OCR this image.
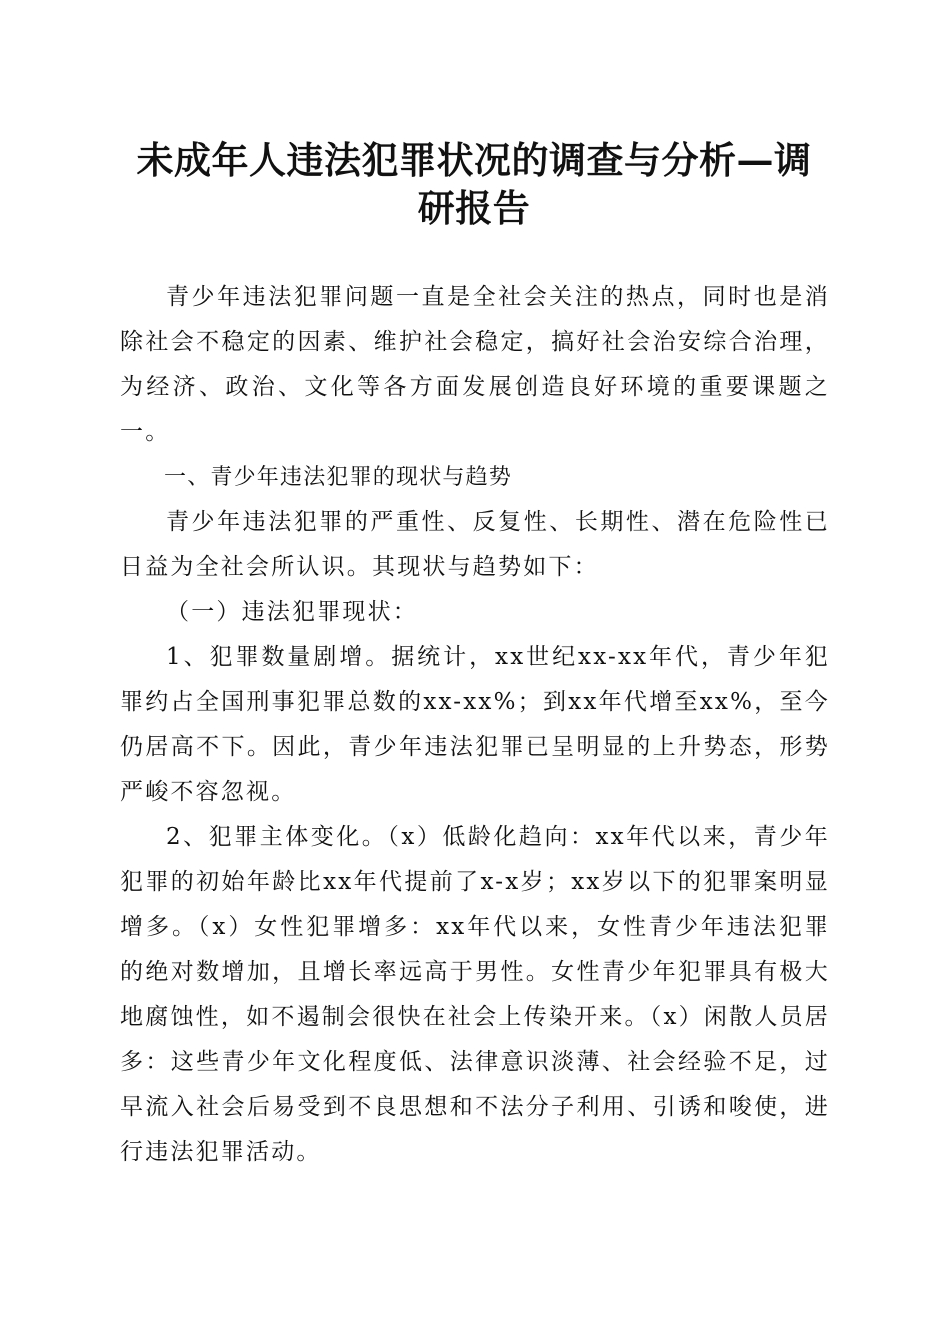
未成年人违法犯罪状况的调查与分析—调研报告

青少年违法犯罪问题一直是全社会关注的热点，同时也是消除社会不稳定的因素、维护社会稳定，搞好社会治安综合治理，为经济、政治、文化等各方面发展创造良好环境的重要课题之一。

一、青少年违法犯罪的现状与趋势

青少年违法犯罪的严重性、反复性、长期性、潜在危险性已日益为全社会所认识。其现状与趋势如下：

（一）违法犯罪现状：

1、犯罪数量剧增。据统计，xx世纪xx-xx年代，青少年犯罪约占全国刑事犯罪总数的xx-xx%；到xx年代增至xx%，至今仍居高不下。因此，青少年违法犯罪已呈明显的上升势态，形势严峻不容忽视。

2、犯罪主体变化。（x）低龄化趋向：xx年代以来，青少年犯罪的初始年龄比xx年代提前了x-x岁；xx岁以下的犯罪案明显增多。（x）女性犯罪增多：xx年代以来，女性青少年违法犯罪的绝对数增加，且增长率远高于男性。女性青少年犯罪具有极大地腐蚀性，如不遏制会很快在社会上传染开来。（x）闲散人员居多：这些青少年文化程度低、法律意识淡薄、社会经验不足，过早流入社会后易受到不良思想和不法分子利用、引诱和唆使，进行违法犯罪活动。
